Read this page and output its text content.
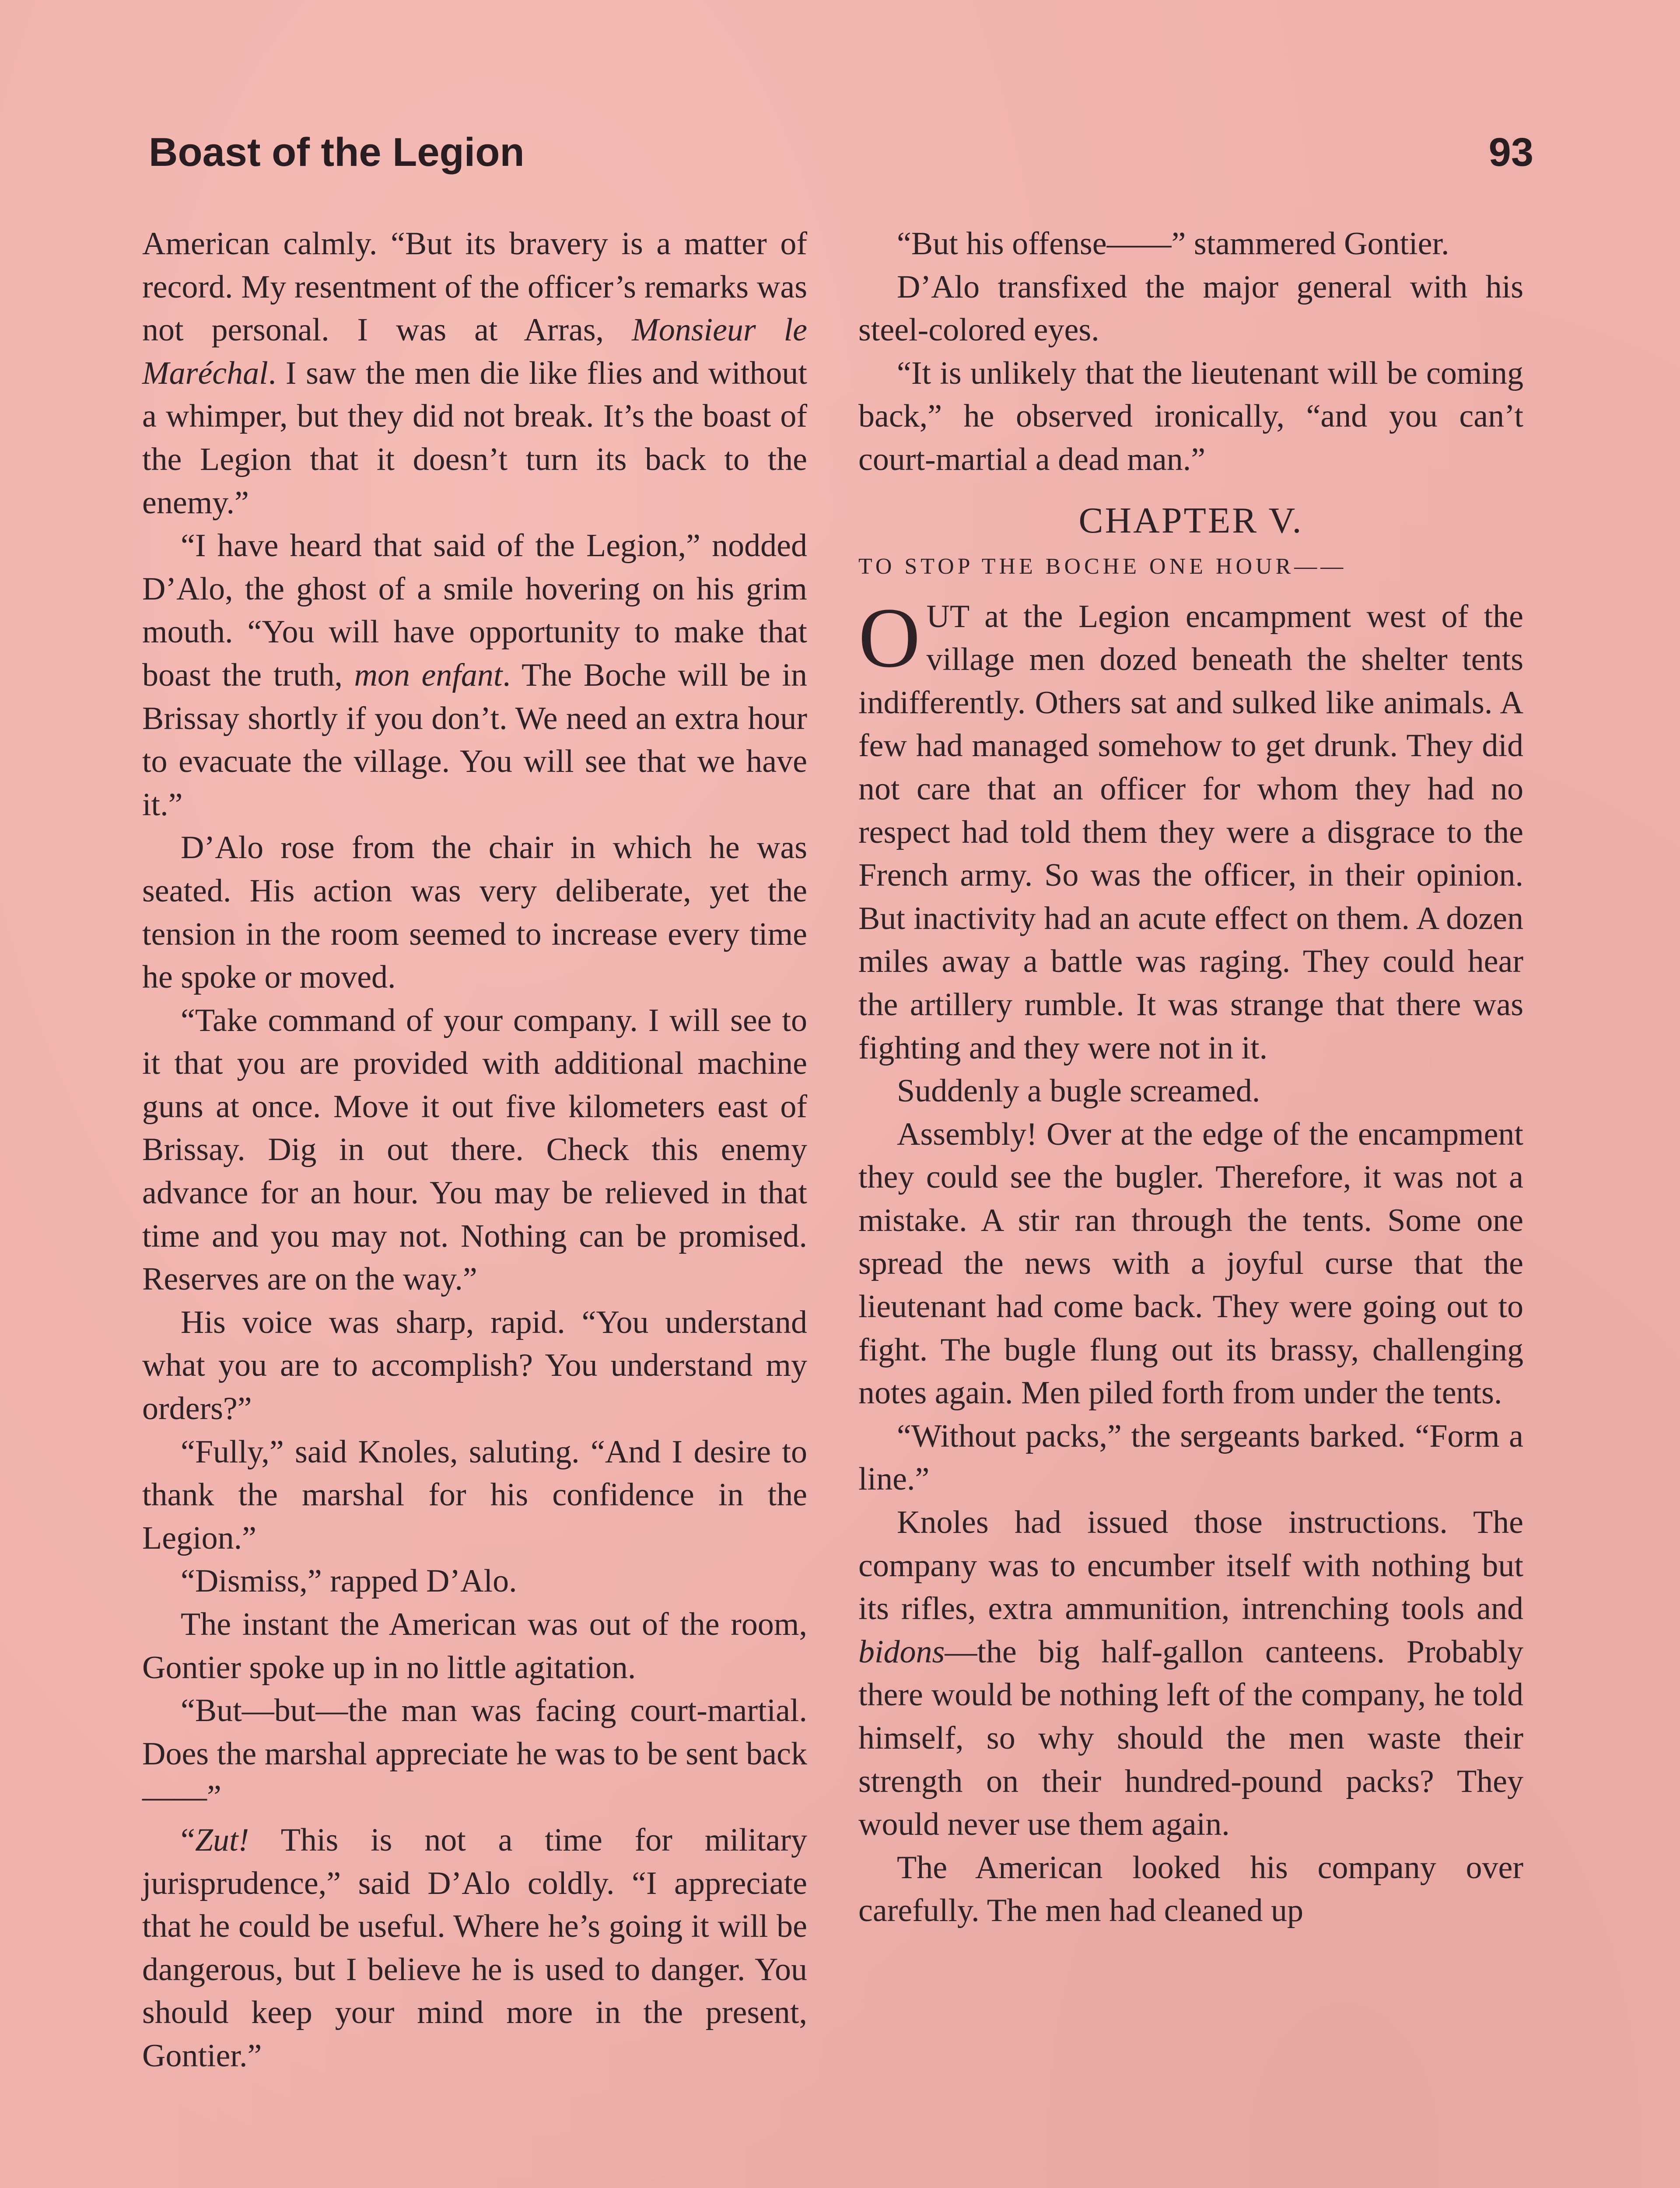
Boast of the Legion	93

American calmly. “But its bravery is a matter of record. My resentment of the officer’s remarks was not personal. I was at Arras, Monsieur le Maréchal. I saw the men die like flies and without a whimper, but they did not break. It’s the boast of the Legion that it doesn’t turn its back to the enemy.”

“I have heard that said of the Legion,” nodded D’Alo, the ghost of a smile hovering on his grim mouth. “You will have opportunity to make that boast the truth, mon enfant. The Boche will be in Brissay shortly if you don’t. We need an extra hour to evacuate the village. You will see that we have it.”

D’Alo rose from the chair in which he was seated. His action was very deliberate, yet the tension in the room seemed to increase every time he spoke or moved.

“Take command of your company. I will see to it that you are provided with additional machine guns at once. Move it out five kilometers east of Brissay. Dig in out there. Check this enemy advance for an hour. You may be relieved in that time and you may not. Nothing can be promised. Reserves are on the way.”

His voice was sharp, rapid. “You understand what you are to accomplish? You understand my orders?”

“Fully,” said Knoles, saluting. “And I desire to thank the marshal for his confidence in the Legion.”

“Dismiss,” rapped D’Alo.

The instant the American was out of the room, Gontier spoke up in no little agitation.

“But—but—the man was facing court-martial. Does the marshal appreciate he was to be sent back——”

“Zut! This is not a time for military jurisprudence,” said D’Alo coldly. “I appreciate that he could be useful. Where he’s going it will be dangerous, but I believe he is used to danger. You should keep your mind more in the present, Gontier.”

“But his offense——” stammered Gontier.

D’Alo transfixed the major general with his steel-colored eyes.

“It is unlikely that the lieutenant will be coming back,” he observed ironically, “and you can’t court-martial a dead man.”

CHAPTER V.
TO STOP THE BOCHE ONE HOUR——

OUT at the Legion encampment west of the village men dozed beneath the shelter tents indifferently. Others sat and sulked like animals. A few had managed somehow to get drunk. They did not care that an officer for whom they had no respect had told them they were a disgrace to the French army. So was the officer, in their opinion. But inactivity had an acute effect on them. A dozen miles away a battle was raging. They could hear the artillery rumble. It was strange that there was fighting and they were not in it.

Suddenly a bugle screamed.

Assembly! Over at the edge of the encampment they could see the bugler. Therefore, it was not a mistake. A stir ran through the tents. Some one spread the news with a joyful curse that the lieutenant had come back. They were going out to fight. The bugle flung out its brassy, challenging notes again. Men piled forth from under the tents.

“Without packs,” the sergeants barked. “Form a line.”

Knoles had issued those instructions. The company was to encumber itself with nothing but its rifles, extra ammunition, intrenching tools and bidons—the big half-gallon canteens. Probably there would be nothing left of the company, he told himself, so why should the men waste their strength on their hundred-pound packs? They would never use them again.

The American looked his company over carefully. The men had cleaned up
